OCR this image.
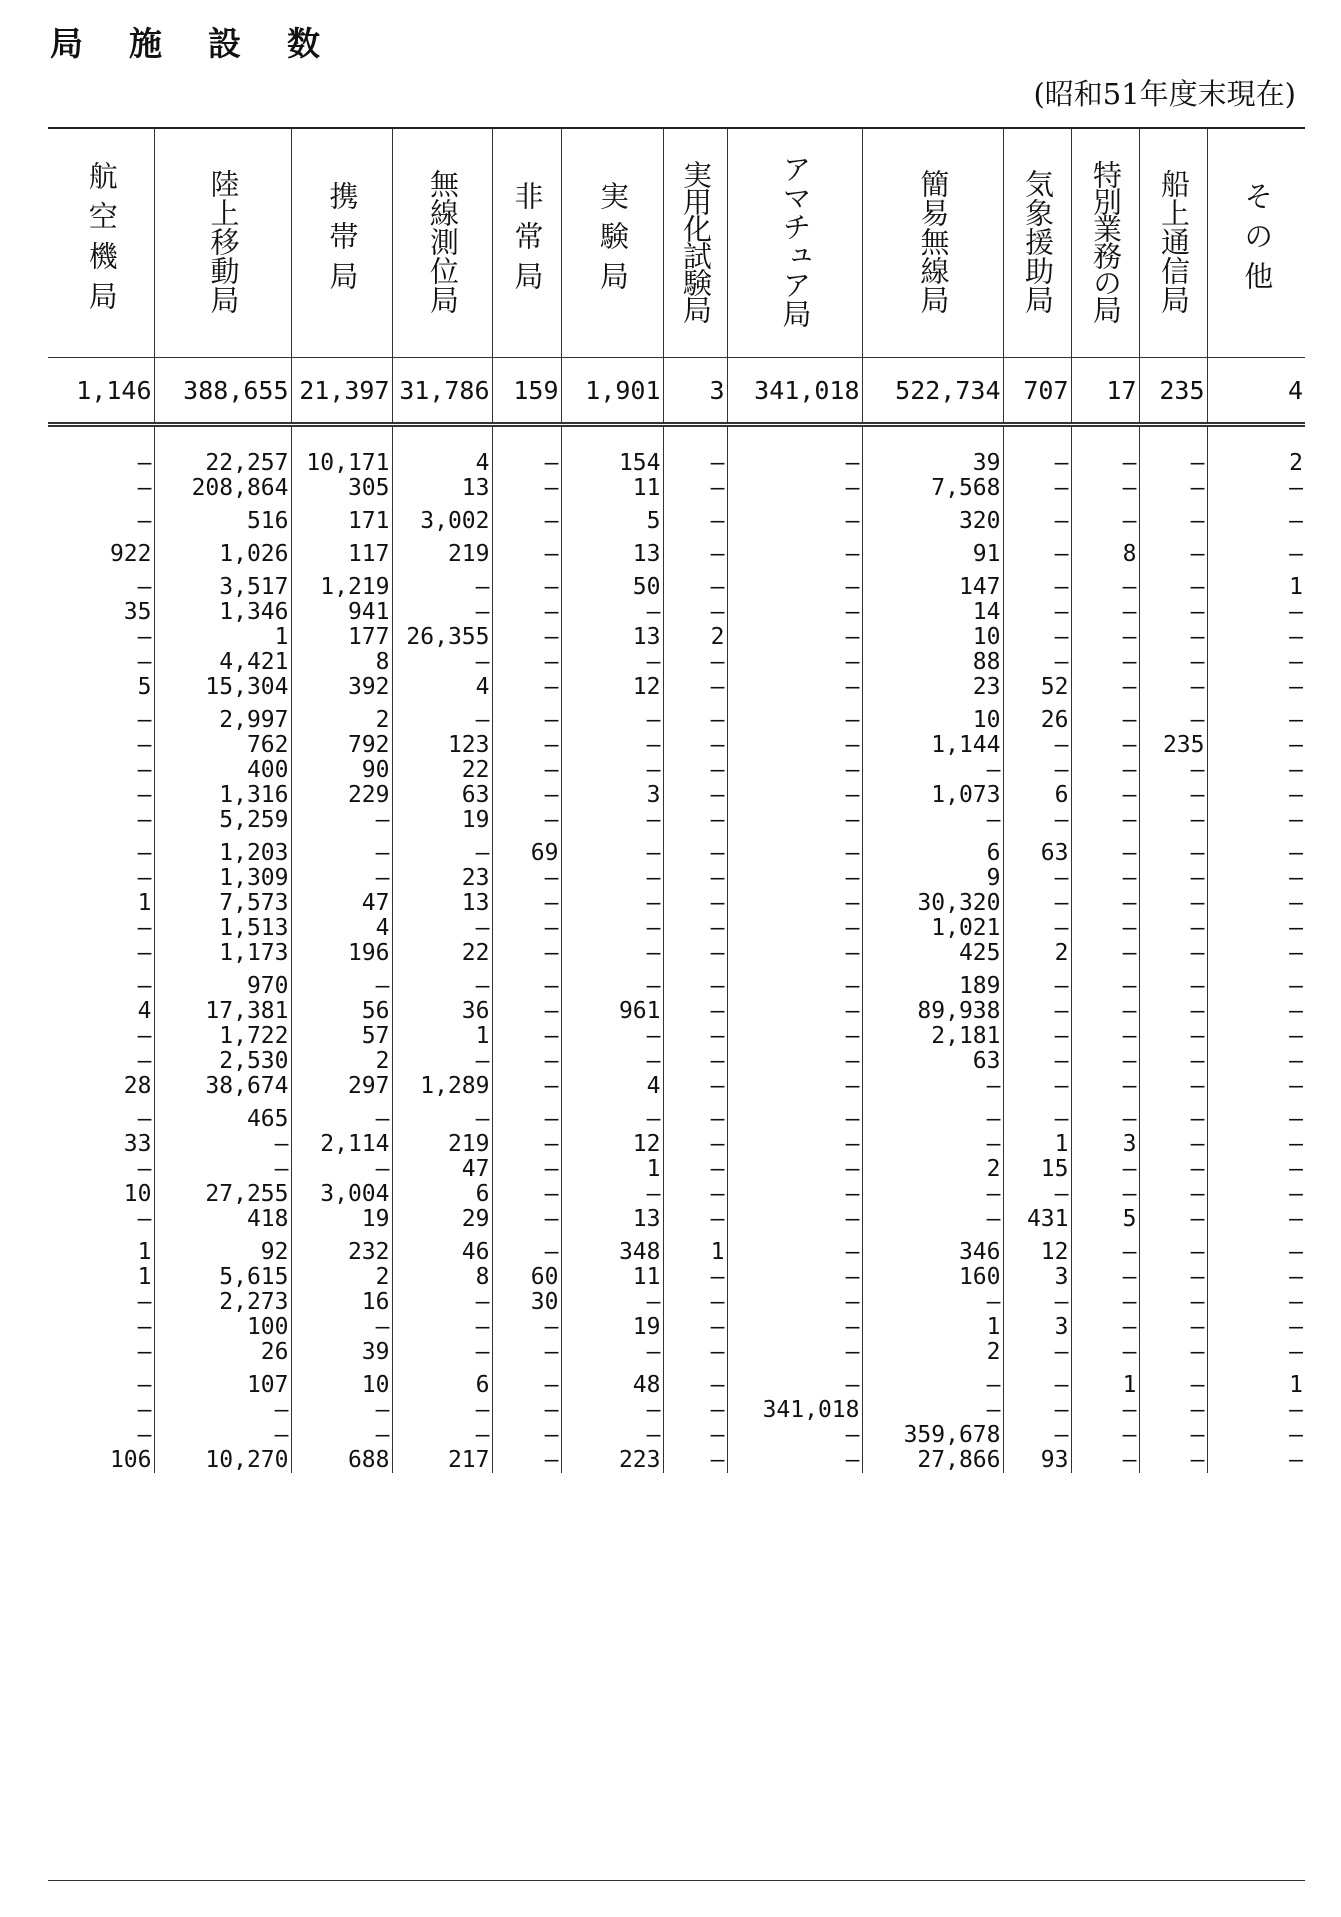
局施設数
(昭和51年度末現在)
航空機局	陸上移動局	携帯局	無線測位局	非常局	実験局	実用化試験局	アマチュア局	簡易無線局	気象援助局	特別業務の局	船上通信局	その他
1,146	388,655	21,397	31,786	159	1,901	3	341,018	522,734	707	17	235	4

—	22,257	10,171	4	—	154	—	—	39	—	—	—	2
—	208,864	305	13	—	11	—	—	7,568	—	—	—	—
—	516	171	3,002	—	5	—	—	320	—	—	—	—
922	1,026	117	219	—	13	—	—	91	—	8	—	—
—	3,517	1,219	—	—	50	—	—	147	—	—	—	1
35	1,346	941	—	—	—	—	—	14	—	—	—	—
—	1	177	26,355	—	13	2	—	10	—	—	—	—
—	4,421	8	—	—	—	—	—	88	—	—	—	—
5	15,304	392	4	—	12	—	—	23	52	—	—	—
—	2,997	2	—	—	—	—	—	10	26	—	—	—
—	762	792	123	—	—	—	—	1,144	—	—	235	—
—	400	90	22	—	—	—	—	—	—	—	—	—
—	1,316	229	63	—	3	—	—	1,073	6	—	—	—
—	5,259	—	19	—	—	—	—	—	—	—	—	—
—	1,203	—	—	69	—	—	—	6	63	—	—	—
—	1,309	—	23	—	—	—	—	9	—	—	—	—
1	7,573	47	13	—	—	—	—	30,320	—	—	—	—
—	1,513	4	—	—	—	—	—	1,021	—	—	—	—
—	1,173	196	22	—	—	—	—	425	2	—	—	—
—	970	—	—	—	—	—	—	189	—	—	—	—
4	17,381	56	36	—	961	—	—	89,938	—	—	—	—
—	1,722	57	1	—	—	—	—	2,181	—	—	—	—
—	2,530	2	—	—	—	—	—	63	—	—	—	—
28	38,674	297	1,289	—	4	—	—	—	—	—	—	—
—	465	—	—	—	—	—	—	—	—	—	—	—
33	—	2,114	219	—	12	—	—	—	1	3	—	—
—	—	—	47	—	1	—	—	2	15	—	—	—
10	27,255	3,004	6	—	—	—	—	—	—	—	—	—
—	418	19	29	—	13	—	—	—	431	5	—	—
1	92	232	46	—	348	1	—	346	12	—	—	—
1	5,615	2	8	60	11	—	—	160	3	—	—	—
—	2,273	16	—	30	—	—	—	—	—	—	—	—
—	100	—	—	—	19	—	—	1	3	—	—	—
—	26	39	—	—	—	—	—	2	—	—	—	—
—	107	10	6	—	48	—	—	—	—	1	—	1
—	—	—	—	—	—	—	341,018	—	—	—	—	—
—	—	—	—	—	—	—	—	359,678	—	—	—	—
106	10,270	688	217	—	223	—	—	27,866	93	—	—	—
